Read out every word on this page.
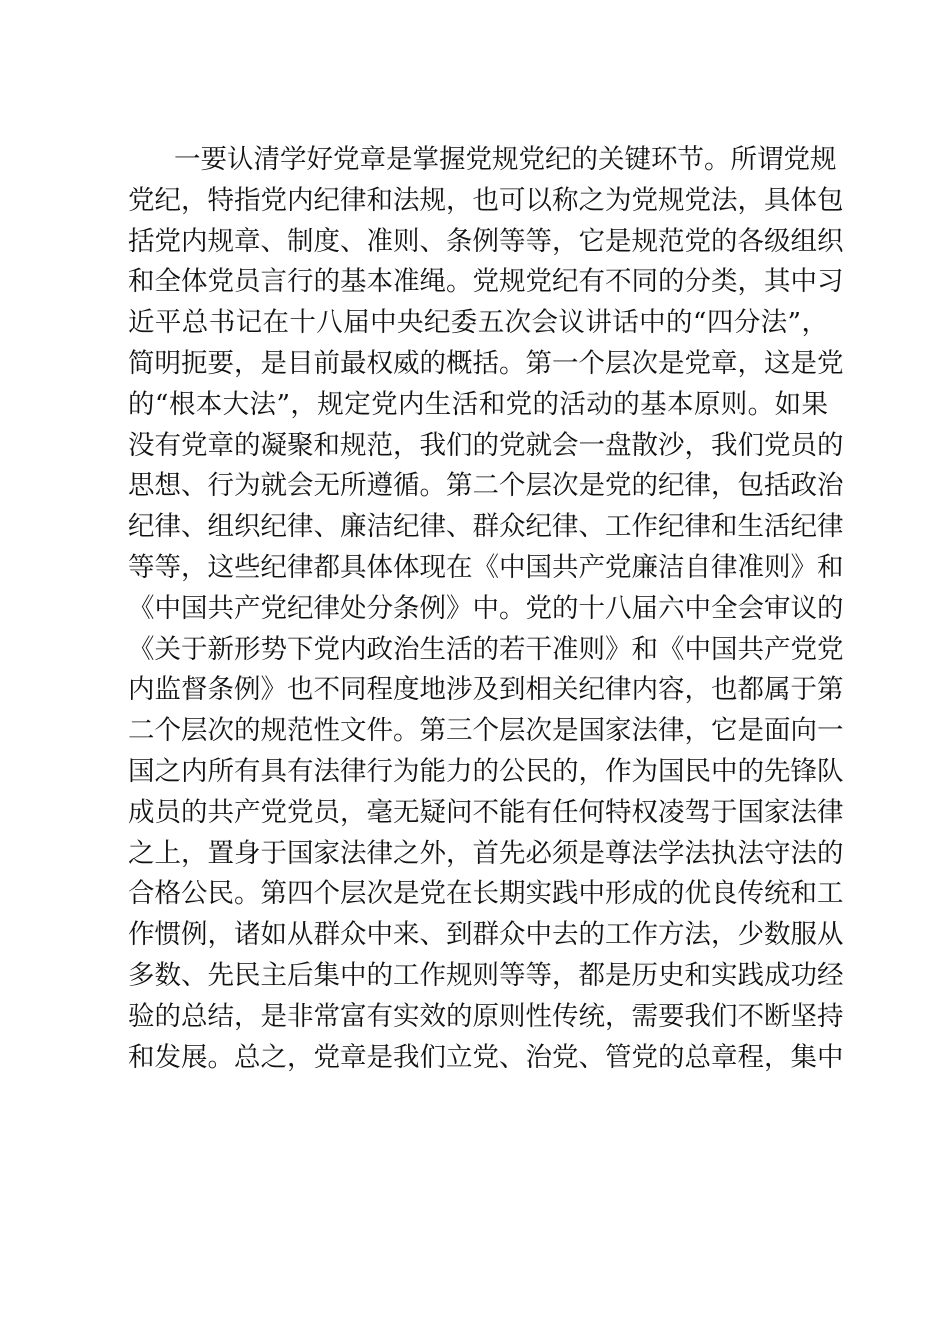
一要认清学好党章是掌握党规党纪的关键环节。所谓党规
党纪，特指党内纪律和法规，也可以称之为党规党法，具体包
括党内规章、制度、准则、条例等等，它是规范党的各级组织
和全体党员言行的基本准绳。党规党纪有不同的分类，其中习
近平总书记在十八届中央纪委五次会议讲话中的“四分法”，
简明扼要，是目前最权威的概括。第一个层次是党章，这是党
的“根本大法”，规定党内生活和党的活动的基本原则。如果
没有党章的凝聚和规范，我们的党就会一盘散沙，我们党员的
思想、行为就会无所遵循。第二个层次是党的纪律，包括政治
纪律、组织纪律、廉洁纪律、群众纪律、工作纪律和生活纪律
等等，这些纪律都具体体现在《中国共产党廉洁自律准则》和
《中国共产党纪律处分条例》中。党的十八届六中全会审议的
《关于新形势下党内政治生活的若干准则》和《中国共产党党
内监督条例》也不同程度地涉及到相关纪律内容，也都属于第
二个层次的规范性文件。第三个层次是国家法律，它是面向一
国之内所有具有法律行为能力的公民的，作为国民中的先锋队
成员的共产党党员，毫无疑问不能有任何特权凌驾于国家法律
之上，置身于国家法律之外，首先必须是尊法学法执法守法的
合格公民。第四个层次是党在长期实践中形成的优良传统和工
作惯例，诸如从群众中来、到群众中去的工作方法，少数服从
多数、先民主后集中的工作规则等等，都是历史和实践成功经
验的总结，是非常富有实效的原则性传统，需要我们不断坚持
和发展。总之，党章是我们立党、治党、管党的总章程，集中
